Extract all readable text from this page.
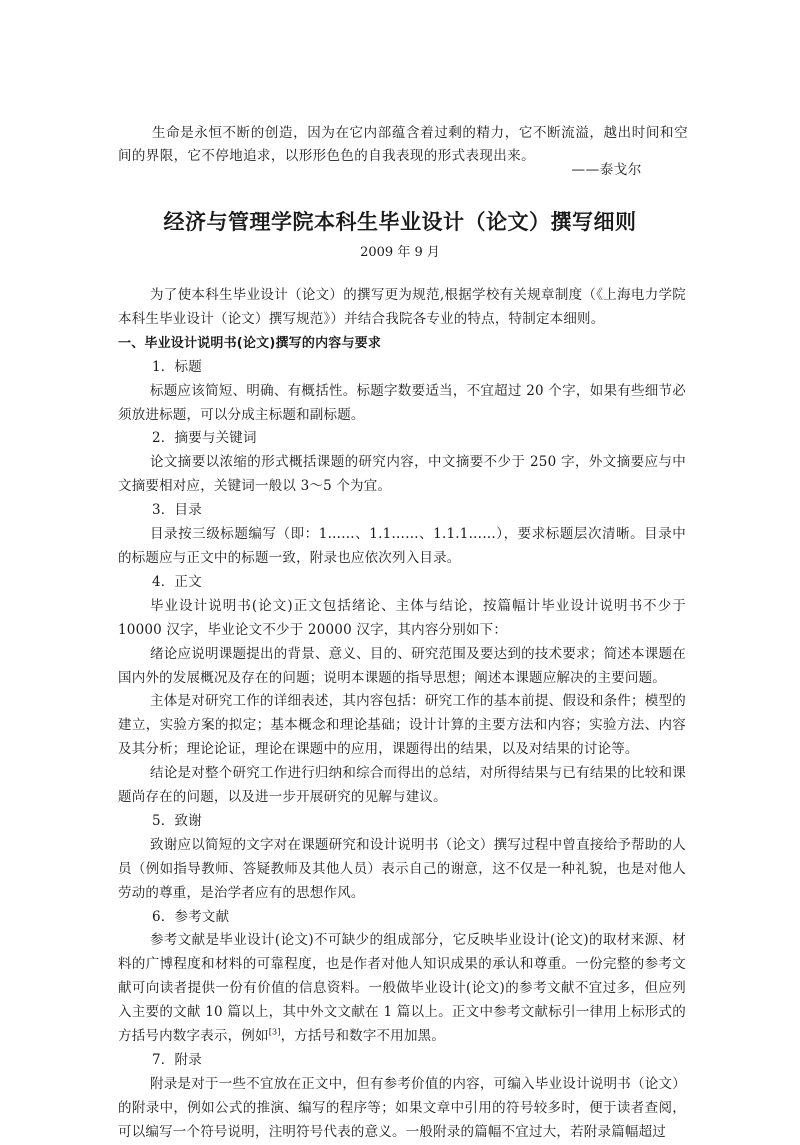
生命是永恒不断的创造，因为在它内部蕴含着过剩的精力，它不断流溢，越出时间和空间的界限，它不停地追求，以形形色色的自我表现的形式表现出来。
——泰戈尔
经济与管理学院本科生毕业设计（论文）撰写细则
2009 年 9 月

为了使本科生毕业设计（论文）的撰写更为规范,根据学校有关规章制度（《上海电力学院本科生毕业设计（论文）撰写规范》）并结合我院各专业的特点，特制定本细则。

一、毕业设计说明书(论文)撰写的内容与要求
1．标题

标题应该简短、明确、有概括性。标题字数要适当，不宜超过 20 个字，如果有些细节必须放进标题，可以分成主标题和副标题。

2．摘要与关键词

论文摘要以浓缩的形式概括课题的研究内容，中文摘要不少于 250 字，外文摘要应与中文摘要相对应，关键词一般以 3～5 个为宜。

3．目录

目录按三级标题编写（即：1……、1.1……、1.1.1……），要求标题层次清晰。目录中的标题应与正文中的标题一致，附录也应依次列入目录。

4．正文

毕业设计说明书(论文)正文包括绪论、主体与结论，按篇幅计毕业设计说明书不少于 10000 汉字，毕业论文不少于 20000 汉字，其内容分别如下：

绪论应说明课题提出的背景、意义、目的、研究范围及要达到的技术要求；简述本课题在国内外的发展概况及存在的问题；说明本课题的指导思想；阐述本课题应解决的主要问题。

主体是对研究工作的详细表述，其内容包括：研究工作的基本前提、假设和条件；模型的建立，实验方案的拟定；基本概念和理论基础；设计计算的主要方法和内容；实验方法、内容及其分析；理论论证，理论在课题中的应用，课题得出的结果，以及对结果的讨论等。

结论是对整个研究工作进行归纳和综合而得出的总结，对所得结果与已有结果的比较和课题尚存在的问题，以及进一步开展研究的见解与建议。

5．致谢

致谢应以简短的文字对在课题研究和设计说明书（论文）撰写过程中曾直接给予帮助的人员（例如指导教师、答疑教师及其他人员）表示自己的谢意，这不仅是一种礼貌，也是对他人劳动的尊重，是治学者应有的思想作风。

6．参考文献

参考文献是毕业设计(论文)不可缺少的组成部分，它反映毕业设计(论文)的取材来源、材料的广博程度和材料的可靠程度，也是作者对他人知识成果的承认和尊重。一份完整的参考文献可向读者提供一份有价值的信息资料。一般做毕业设计(论文)的参考文献不宜过多，但应列入主要的文献 10 篇以上，其中外文文献在 1 篇以上。正文中参考文献标引一律用上标形式的方括号内数字表示，例如[3]，方括号和数字不用加黑。

7．附录

附录是对于一些不宜放在正文中，但有参考价值的内容，可编入毕业设计说明书（论文）的附录中，例如公式的推演、编写的程序等；如果文章中引用的符号较多时，便于读者查阅，可以编写一个符号说明，注明符号代表的意义。一般附录的篇幅不宜过大，若附录篇幅超过
